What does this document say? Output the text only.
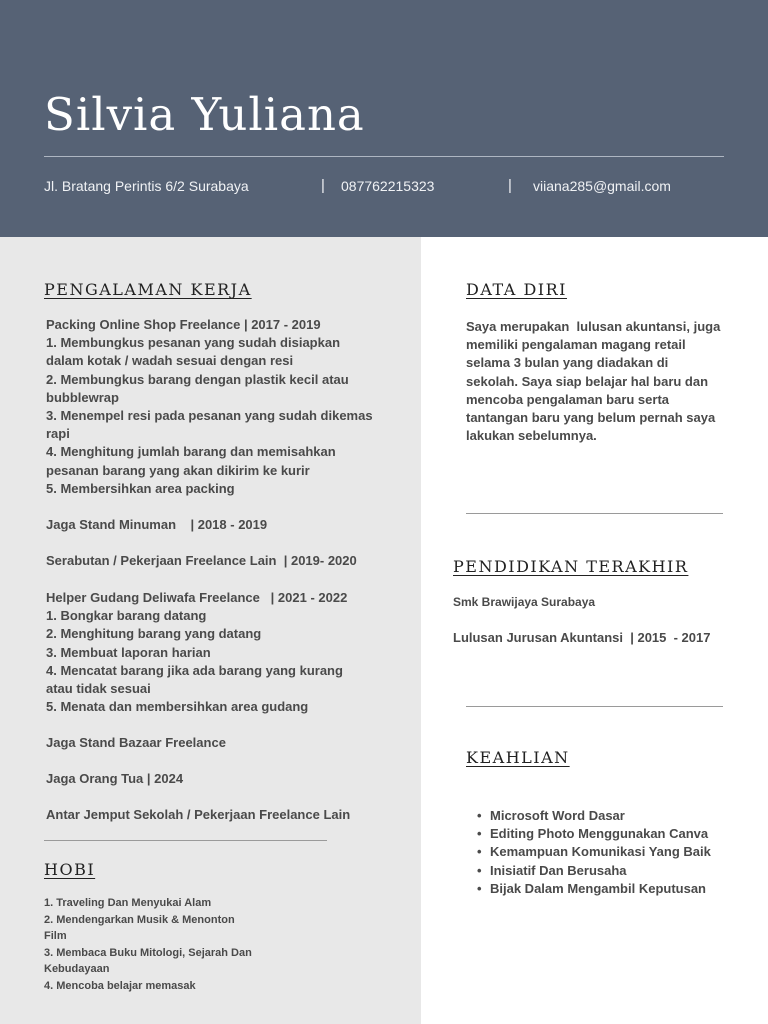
Silvia Yuliana
Jl. Bratang Perintis 6/2 Surabaya	| 087762215323	| viiana285@gmail.com
PENGALAMAN KERJA
Packing Online Shop Freelance | 2017 - 2019
1. Membungkus pesanan yang sudah disiapkan
dalam kotak / wadah sesuai dengan resi
2. Membungkus barang dengan plastik kecil atau
bubblewrap
3. Menempel resi pada pesanan yang sudah dikemas
rapi
4. Menghitung jumlah barang dan memisahkan
pesanan barang yang akan dikirim ke kurir
5. Membersihkan area packing
Jaga Stand Minuman    | 2018 - 2019
Serabutan / Pekerjaan Freelance Lain  | 2019- 2020
Helper Gudang Deliwafa Freelance   | 2021 - 2022
1. Bongkar barang datang
2. Menghitung barang yang datang
3. Membuat laporan harian
4. Mencatat barang jika ada barang yang kurang
atau tidak sesuai
5. Menata dan membersihkan area gudang
Jaga Stand Bazaar Freelance
Jaga Orang Tua | 2024
Antar Jemput Sekolah / Pekerjaan Freelance Lain
HOBI
1. Traveling Dan Menyukai Alam
2. Mendengarkan Musik & Menonton
Film
3. Membaca Buku Mitologi, Sejarah Dan
Kebudayaan
4. Mencoba belajar memasak
DATA DIRI
Saya merupakan  lulusan akuntansi, juga
memiliki pengalaman magang retail
selama 3 bulan yang diadakan di
sekolah. Saya siap belajar hal baru dan
mencoba pengalaman baru serta
tantangan baru yang belum pernah saya
lakukan sebelumnya.
PENDIDIKAN TERAKHIR
Smk Brawijaya Surabaya
Lulusan Jurusan Akuntansi  | 2015  - 2017
KEAHLIAN
• Microsoft Word Dasar
• Editing Photo Menggunakan Canva
• Kemampuan Komunikasi Yang Baik
• Inisiatif Dan Berusaha
• Bijak Dalam Mengambil Keputusan
